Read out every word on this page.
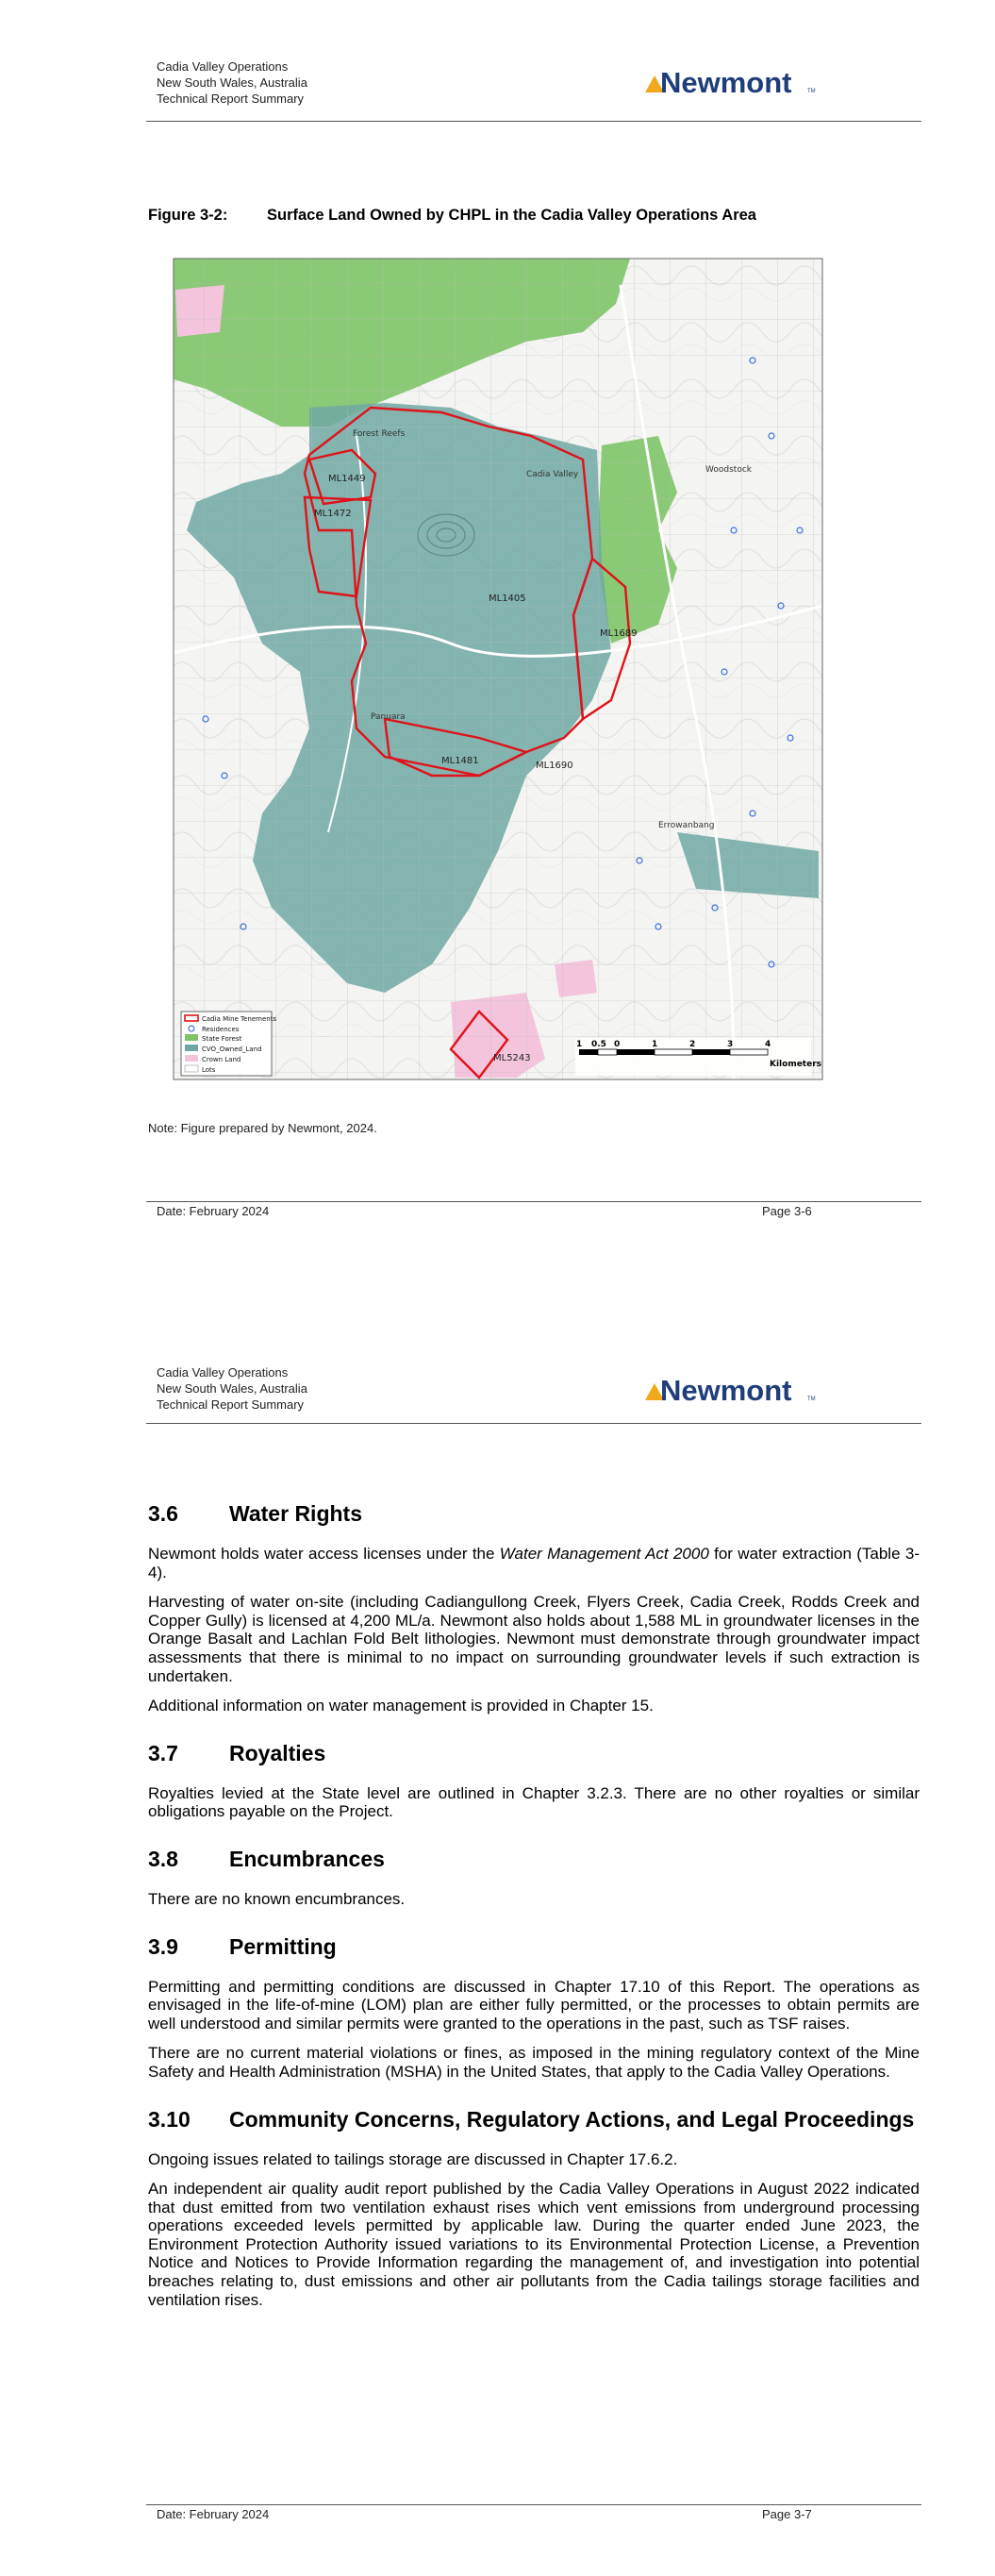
Cadia Valley Operations
New South Wales, Australia
Technical Report Summary	Newmont	TM
Figure 3-2:	Surface Land Owned by CHPL in the Cadia Valley Operations Area
ML1449
ML1472
ML1405
ML1689
ML1481	ML1690
ML5243
Cadia Valley
Errowanbang
Woodstock
Panuara
Forest Reefs
Cadia Mine Tenements
Residences
State Forest
CVO_Owned_Land
Crown Land
Lots
1 0.5 0	1	2	3	4
Kilometers
Note: Figure prepared by Newmont, 2024.
Date: February 2024	Page 3-6
Cadia Valley Operations
New South Wales, Australia
Technical Report Summary	Newmont	TM
3.6	Water Rights

Newmont holds water access licenses under the Water Management Act 2000 for water extraction (Table 3-4).

Harvesting of water on-site (including Cadiangullong Creek, Flyers Creek, Cadia Creek, Rodds Creek and Copper Gully) is licensed at 4,200 ML/a. Newmont also holds about 1,588 ML in groundwater licenses in the Orange Basalt and Lachlan Fold Belt lithologies. Newmont must demonstrate through groundwater impact assessments that there is minimal to no impact on surrounding groundwater levels if such extraction is undertaken.

Additional information on water management is provided in Chapter 15.

3.7	Royalties

Royalties levied at the State level are outlined in Chapter 3.2.3. There are no other royalties or similar obligations payable on the Project.

3.8	Encumbrances

There are no known encumbrances.

3.9	Permitting

Permitting and permitting conditions are discussed in Chapter 17.10 of this Report. The operations as envisaged in the life-of-mine (LOM) plan are either fully permitted, or the processes to obtain permits are well understood and similar permits were granted to the operations in the past, such as TSF raises.

There are no current material violations or fines, as imposed in the mining regulatory context of the Mine Safety and Health Administration (MSHA) in the United States, that apply to the Cadia Valley Operations.

3.10	Community Concerns, Regulatory Actions, and Legal Proceedings

Ongoing issues related to tailings storage are discussed in Chapter 17.6.2.

An independent air quality audit report published by the Cadia Valley Operations in August 2022 indicated that dust emitted from two ventilation exhaust rises which vent emissions from underground processing operations exceeded levels permitted by applicable law. During the quarter ended June 2023, the Environment Protection Authority issued variations to its Environmental Protection License, a Prevention Notice and Notices to Provide Information regarding the management of, and investigation into potential breaches relating to, dust emissions and other air pollutants from the Cadia tailings storage facilities and ventilation rises.

Date: February 2024	Page 3-7
